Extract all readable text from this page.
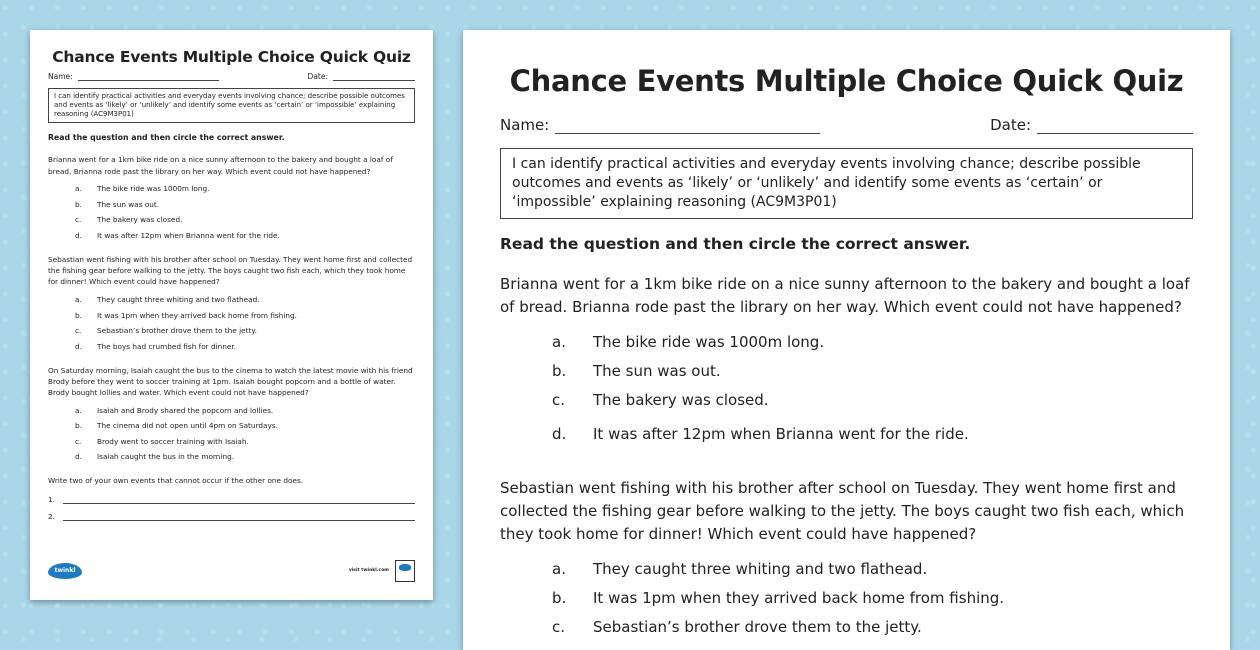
Chance Events Multiple Choice Quick Quiz
Name:	Date:
I can identify practical activities and everyday events involving chance; describe possible outcomes and events as ‘likely’ or ‘unlikely’ and identify some events as ‘certain’ or ‘impossible’ explaining reasoning (AC9M3P01)
Read the question and then circle the correct answer.
Brianna went for a 1km bike ride on a nice sunny afternoon to the bakery and bought a loaf of bread. Brianna rode past the library on her way. Which event could not have happened?
a.	The bike ride was 1000m long.
b.	The sun was out.
c.	The bakery was closed.
d.	It was after 12pm when Brianna went for the ride.
Sebastian went fishing with his brother after school on Tuesday. They went home first and collected the fishing gear before walking to the jetty. The boys caught two fish each, which they took home for dinner! Which event could have happened?
a.	They caught three whiting and two flathead.
b.	It was 1pm when they arrived back home from fishing.
c.	Sebastian’s brother drove them to the jetty.
d.	The boys had crumbed fish for dinner.
On Saturday morning, Isaiah caught the bus to the cinema to watch the latest movie with his friend Brody before they went to soccer training at 1pm. Isaiah bought popcorn and a bottle of water. Brody bought lollies and water. Which event could not have happened?
a.	Isaiah and Brody shared the popcorn and lollies.
b.	The cinema did not open until 4pm on Saturdays.
c.	Brody went to soccer training with Isaiah.
d.	Isaiah caught the bus in the morning.
Write two of your own events that cannot occur if the other one does.
1.
2.
twinkl	visit twinkl.com
Chance Events Multiple Choice Quick Quiz
Name:	Date:
I can identify practical activities and everyday events involving chance; describe possible outcomes and events as ‘likely’ or ‘unlikely’ and identify some events as ‘certain’ or ‘impossible’ explaining reasoning (AC9M3P01)
Read the question and then circle the correct answer.
Brianna went for a 1km bike ride on a nice sunny afternoon to the bakery and bought a loaf of bread. Brianna rode past the library on her way. Which event could not have happened?
a.	The bike ride was 1000m long.
b.	The sun was out.
c.	The bakery was closed.
d.	It was after 12pm when Brianna went for the ride.
Sebastian went fishing with his brother after school on Tuesday. They went home first and collected the fishing gear before walking to the jetty. The boys caught two fish each, which they took home for dinner! Which event could have happened?
a.	They caught three whiting and two flathead.
b.	It was 1pm when they arrived back home from fishing.
c.	Sebastian’s brother drove them to the jetty.
